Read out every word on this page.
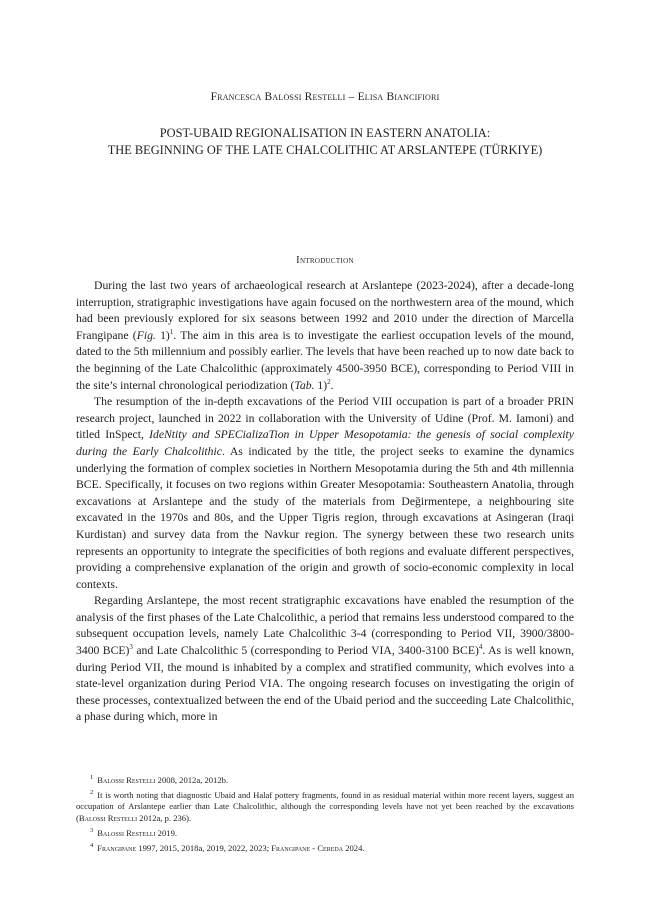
Francesca Balossi Restelli – Elisa Biancifiori
POST-UBAID REGIONALISATION IN EASTERN ANATOLIA:
THE BEGINNING OF THE LATE CHALCOLITHIC AT ARSLANTEPE (TÜRKIYE)
Introduction

During the last two years of archaeological research at Arslantepe (2023-2024), after a decade-long interruption, stratigraphic investigations have again focused on the northwestern area of the mound, which had been previously explored for six seasons between 1992 and 2010 under the direction of Marcella Frangipane (Fig. 1)$^1$. The aim in this area is to investigate the earliest occupation levels of the mound, dated to the 5th millennium and possibly earlier. The levels that have been reached up to now date back to the beginning of the Late Chalcolithic (approximately 4500-3950 BCE), corresponding to Period VIII in the site’s internal chronological periodization (Tab. 1)$^2$.

The resumption of the in-depth excavations of the Period VIII occupation is part of a broader PRIN research project, launched in 2022 in collaboration with the University of Udine (Prof. M. Iamoni) and titled InSpect, IdeNtity and SPECializaTion in Upper Mesopotamia: the genesis of social complexity during the Early Chalcolithic. As indicated by the title, the project seeks to examine the dynamics underlying the formation of complex societies in Northern Mesopotamia during the 5th and 4th millennia BCE. Specifically, it focuses on two regions within Greater Mesopotamia: Southeastern Anatolia, through excavations at Arslantepe and the study of the materials from Değirmentepe, a neighbouring site excavated in the 1970s and 80s, and the Upper Tigris region, through excavations at Asingeran (Iraqi Kurdistan) and survey data from the Navkur region. The synergy between these two research units represents an opportunity to integrate the specificities of both regions and evaluate different perspectives, providing a comprehensive explanation of the origin and growth of socio-economic complexity in local contexts.

Regarding Arslantepe, the most recent stratigraphic excavations have enabled the resumption of the analysis of the first phases of the Late Chalcolithic, a period that remains less understood compared to the subsequent occupation levels, namely Late Chalcolithic 3-4 (corresponding to Period VII, 3900/3800-3400 BCE)$^3$ and Late Chalcolithic 5 (corresponding to Period VIA, 3400-3100 BCE)$^4$. As is well known, during Period VII, the mound is inhabited by a complex and stratified community, which evolves into a state-level organization during Period VIA. The ongoing research focuses on investigating the origin of these processes, contextualized between the end of the Ubaid period and the succeeding Late Chalcolithic, a phase during which, more in

$^1$ Balossi Restelli 2008, 2012a, 2012b.

$^2$ It is worth noting that diagnostic Ubaid and Halaf pottery fragments, found in as residual material within more recent layers, suggest an occupation of Arslantepe earlier than Late Chalcolithic, although the corresponding levels have not yet been reached by the excavations (Balossi Restelli 2012a, p. 236).

$^3$ Balossi Restelli 2019.

$^4$ Frangipane 1997, 2015, 2018a, 2019, 2022, 2023; Frangipane - Cereda 2024.
